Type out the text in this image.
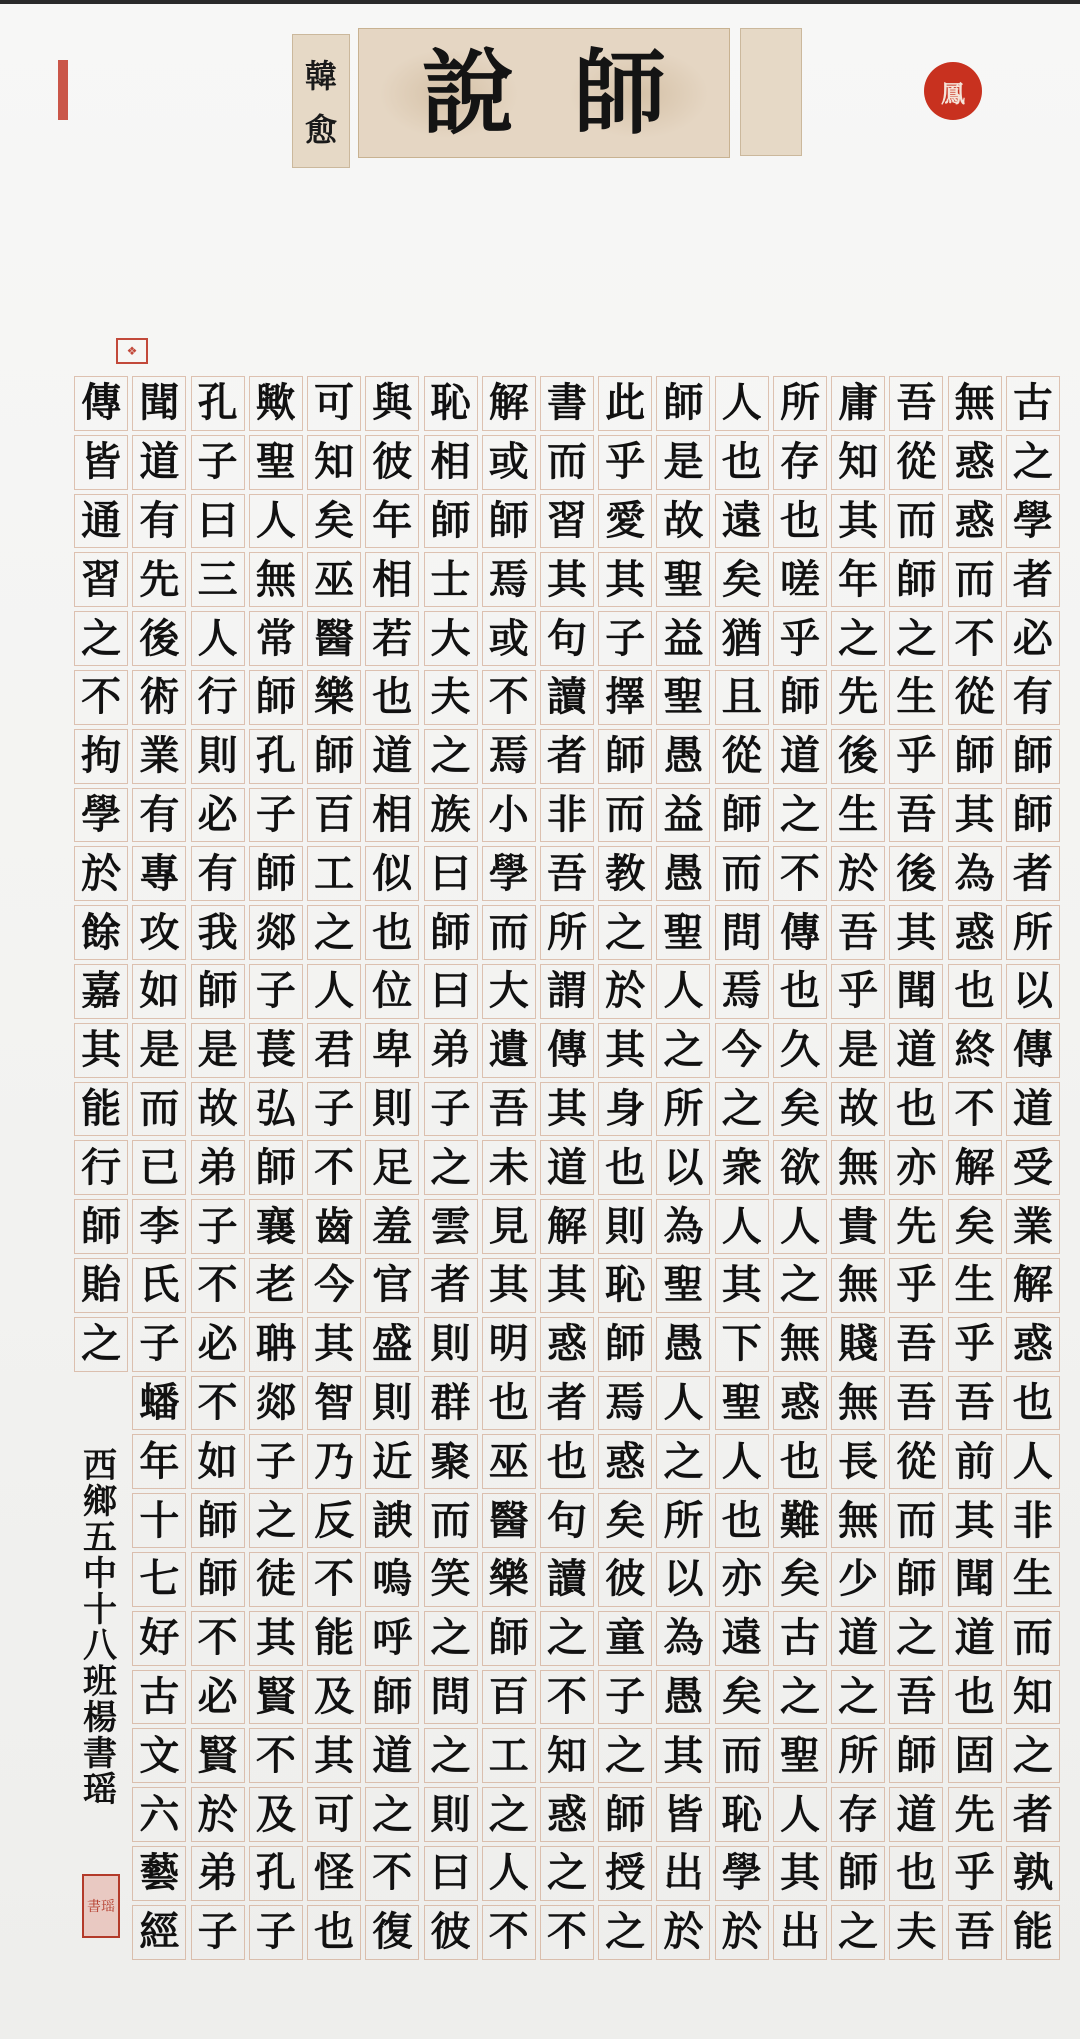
韓
愈 說 師	鳳
❖
古
之
學
者
必
有
師
師
者
所
以
傳
道
受
業
解
惑
也
人
非
生
而
知
之
者
孰
能
無
惑
惑
而
不
從
師
其
為
惑
也
終
不
解
矣
生
乎
吾
前
其
聞
道
也
固
先
乎
吾
吾
從
而
師
之
生
乎
吾
後
其
聞
道
也
亦
先
乎
吾
吾
從
而
師
之
吾
師
道
也
夫
庸
知
其
年
之
先
後
生
於
吾
乎
是
故
無
貴
無
賤
無
長
無
少
道
之
所
存
師
之
所
存
也
嗟
乎
師
道
之
不
傳
也
久
矣
欲
人
之
無
惑
也
難
矣
古
之
聖
人
其
出
人
也
遠
矣
猶
且
從
師
而
問
焉
今
之
衆
人
其
下
聖
人
也
亦
遠
矣
而
恥
學
於
師
是
故
聖
益
聖
愚
益
愚
聖
人
之
所
以
為
聖
愚
人
之
所
以
為
愚
其
皆
出
於
此
乎
愛
其
子
擇
師
而
教
之
於
其
身
也
則
恥
師
焉
惑
矣
彼
童
子
之
師
授
之
書
而
習
其
句
讀
者
非
吾
所
謂
傳
其
道
解
其
惑
者
也
句
讀
之
不
知
惑
之
不
解
或
師
焉
或
不
焉
小
學
而
大
遺
吾
未
見
其
明
也
巫
醫
樂
師
百
工
之
人
不
恥
相
師
士
大
夫
之
族
曰
師
曰
弟
子
之
雲
者
則
群
聚
而
笑
之
問
之
則
曰
彼
與
彼
年
相
若
也
道
相
似
也
位
卑
則
足
羞
官
盛
則
近
諛
嗚
呼
師
道
之
不
復
可
知
矣
巫
醫
樂
師
百
工
之
人
君
子
不
齒
今
其
智
乃
反
不
能
及
其
可
怪
也
歟
聖
人
無
常
師
孔
子
師
郯
子
萇
弘
師
襄
老
聃
郯
子
之
徒
其
賢
不
及
孔
子
孔
子
曰
三
人
行
則
必
有
我
師
是
故
弟
子
不
必
不
如
師
師
不
必
賢
於
弟
子
聞
道
有
先
後
術
業
有
專
攻
如
是
而
已
李
氏
子
蟠
年
十
七
好
古
文
六
藝
經
傳
皆
通
習
之
不
拘
學
於
餘
嘉
其
能
行
師
貽
之
西
鄉
五
中
十
八
班
楊
書
瑶
書瑶
